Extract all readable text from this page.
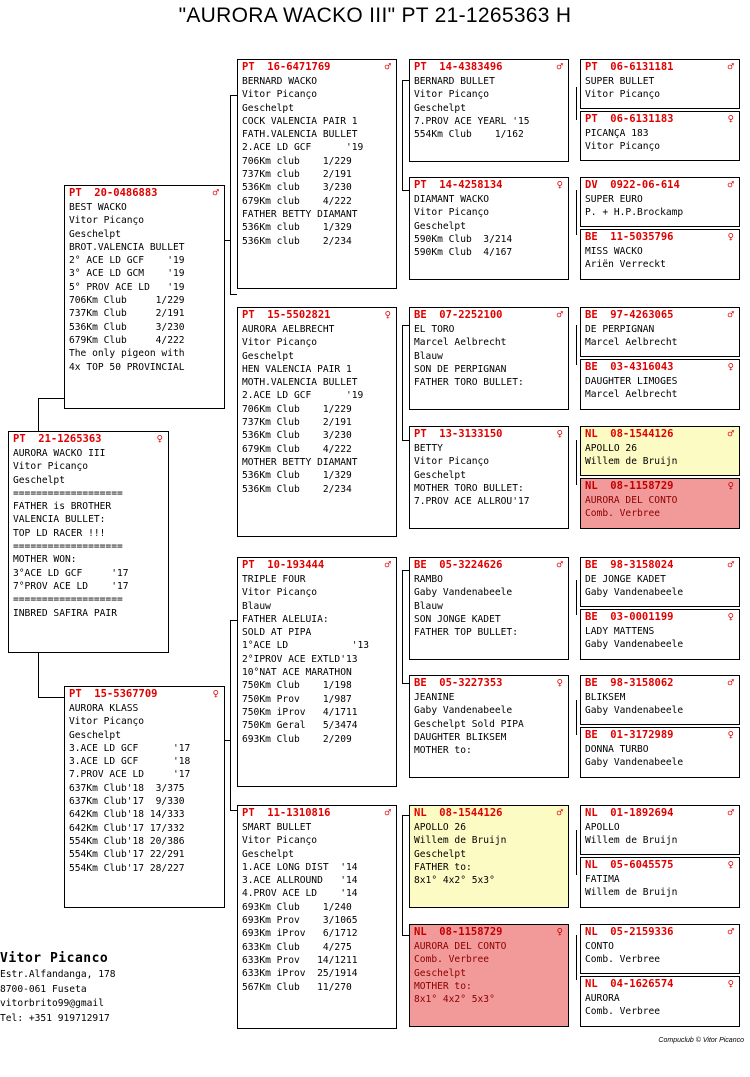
"AURORA WACKO III" PT 21-1265363 H
PT  21-1265363	♀
AURORA WACKO III
Vitor Picanço
Geschelpt
===================
FATHER is BROTHER
VALENCIA BULLET:
TOP LD RACER !!!
===================
MOTHER WON:
3°ACE LD GCF     '17
7°PROV ACE LD    '17
===================
INBRED SAFIRA PAIR
PT  20-0486883	♂
BEST WACKO
Vitor Picanço
Geschelpt
BROT.VALENCIA BULLET
2° ACE LD GCF    '19
3° ACE LD GCM    '19
5° PROV ACE LD   '19
706Km Club     1/229
737Km Club     2/191
536Km Club     3/230
679Km Club     4/222
The only pigeon with
4x TOP 50 PROVINCIAL
PT  15-5367709	♀
AURORA KLASS
Vitor Picanço
Geschelpt
3.ACE LD GCF      '17
3.ACE LD GCF      '18
7.PROV ACE LD     '17
637Km Club'18  3/375
637Km Club'17  9/330
642Km Club'18 14/333
642Km Club'17 17/332
554Km Club'18 20/386
554Km Club'17 22/291
554Km Club'17 28/227
PT  16-6471769	♂
BERNARD WACKO
Vitor Picanço
Geschelpt
COCK VALENCIA PAIR 1
FATH.VALENCIA BULLET
2.ACE LD GCF      '19
706Km club    1/229
737Km club    2/191
536Km club    3/230
679Km club    4/222
FATHER BETTY DIAMANT
536Km club    1/329
536Km club    2/234
PT  15-5502821	♀
AURORA AELBRECHT
Vitor Picanço
Geschelpt
HEN VALENCIA PAIR 1
MOTH.VALENCIA BULLET
2.ACE LD GCF      '19
706Km Club    1/229
737Km Club    2/191
536Km Club    3/230
679Km Club    4/222
MOTHER BETTY DIAMANT
536Km Club    1/329
536Km Club    2/234
PT  10-193444	♂
TRIPLE FOUR
Vitor Picanço
Blauw
FATHER ALELUIA:
SOLD AT PIPA
1°ACE LD           '13
2°IPROV ACE EXTLD'13
10°NAT ACE MARATHON
750Km Club    1/198
750Km Prov    1/987
750Km iProv   4/1711
750Km Geral   5/3474
693Km Club    2/209
PT  11-1310816	♂
SMART BULLET
Vitor Picanço
Geschelpt
1.ACE LONG DIST  '14
3.ACE ALLROUND   '14
4.PROV ACE LD    '14
693Km Club    1/240
693Km Prov    3/1065
693Km iProv   6/1712
633Km Club    4/275
633Km Prov   14/1211
633Km iProv  25/1914
567Km Club   11/270
PT  14-4383496	♂
BERNARD BULLET
Vitor Picanço
Geschelpt
7.PROV ACE YEARL '15
554Km Club    1/162
PT  14-4258134	♀
DIAMANT WACKO
Vitor Picanço
Geschelpt
590Km Club  3/214
590Km Club  4/167
BE  07-2252100	♂
EL TORO
Marcel Aelbrecht
Blauw
SON DE PERPIGNAN
FATHER TORO BULLET:
PT  13-3133150	♀
BETTY
Vitor Picanço
Geschelpt
MOTHER TORO BULLET:
7.PROV ACE ALLROU'17
BE  05-3224626	♂
RAMBO
Gaby Vandenabeele
Blauw
SON JONGE KADET
FATHER TOP BULLET:
BE  05-3227353	♀
JEANINE
Gaby Vandenabeele
Geschelpt Sold PIPA
DAUGHTER BLIKSEM
MOTHER to:
NL  08-1544126	♂
APOLLO 26
Willem de Bruijn
Geschelpt
FATHER to:
8x1° 4x2° 5x3°
NL  08-1158729	♀
AURORA DEL CONTO
Comb. Verbree
Geschelpt
MOTHER to:
8x1° 4x2° 5x3°
PT  06-6131181	♂
SUPER BULLET
Vitor Picanço
PT  06-6131183	♀
PICANÇA 183
Vitor Picanço
DV  0922-06-614	♂
SUPER EURO
P. + H.P.Brockamp
BE  11-5035796	♀
MISS WACKO
Ariën Verreckt
BE  97-4263065	♂
DE PERPIGNAN
Marcel Aelbrecht
BE  03-4316043	♀
DAUGHTER LIMOGES
Marcel Aelbrecht
NL  08-1544126	♂
APOLLO 26
Willem de Bruijn
NL  08-1158729	♀
AURORA DEL CONTO
Comb. Verbree
BE  98-3158024	♂
DE JONGE KADET
Gaby Vandenabeele
BE  03-0001199	♀
LADY MATTENS
Gaby Vandenabeele
BE  98-3158062	♂
BLIKSEM
Gaby Vandenabeele
BE  01-3172989	♀
DONNA TURBO
Gaby Vandenabeele
NL  01-1892694	♂
APOLLO
Willem de Bruijn
NL  05-6045575	♀
FATIMA
Willem de Bruijn
NL  05-2159336	♂
CONTO
Comb. Verbree
NL  04-1626574	♀
AURORA
Comb. Verbree
Vitor Picanco
Estr.Alfandanga, 178
8700-061 Fuseta
vitorbrito99@gmail
Tel: +351 919712917
Compuclub © Vitor Picanco
